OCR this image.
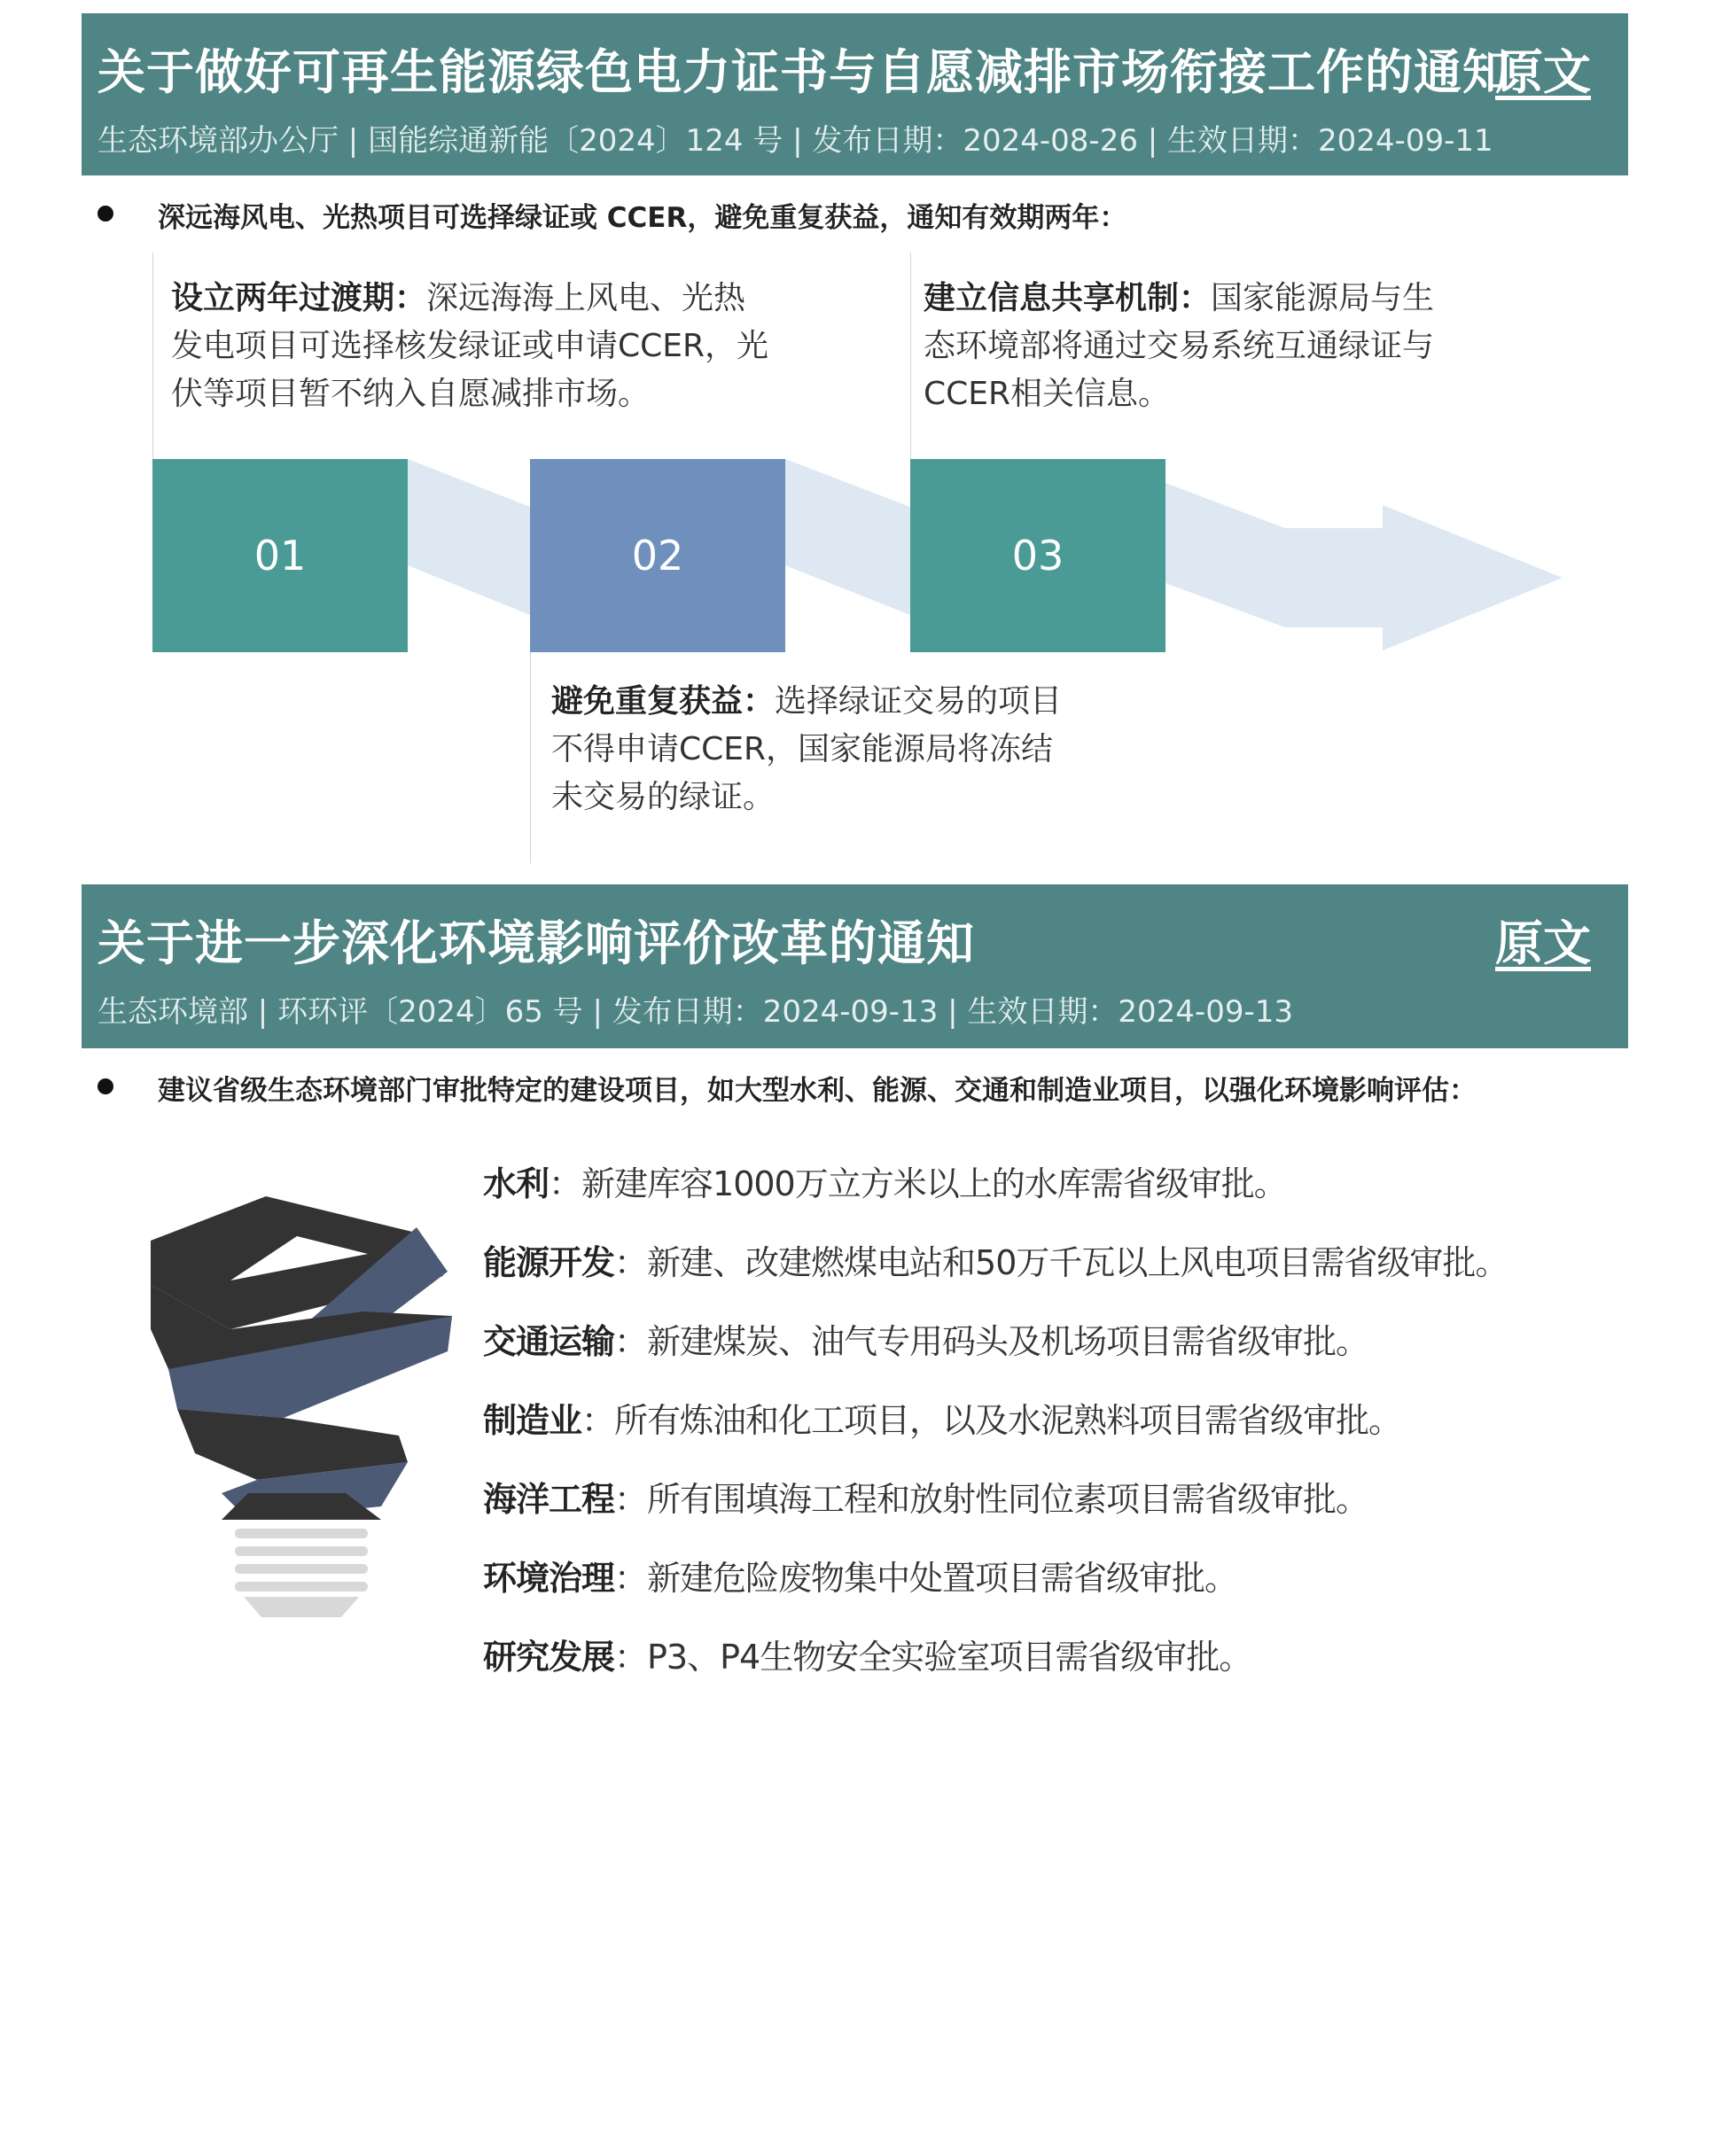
关于做好可再生能源绿色电力证书与自愿减排市场衔接工作的通知
原文
生态环境部办公厅 | 国能综通新能〔2024〕124 号 | 发布日期：2024-08-26 | 生效日期：2024-09-11
深远海风电、光热项目可选择绿证或 CCER，避免重复获益，通知有效期两年：
设立两年过渡期：深远海海上风电、光热发电项目可选择核发绿证或申请CCER，光伏等项目暂不纳入自愿减排市场。
避免重复获益：选择绿证交易的项目不得申请CCER，国家能源局将冻结未交易的绿证。
建立信息共享机制：国家能源局与生态环境部将通过交易系统互通绿证与CCER相关信息。
01	02	03
关于进一步深化环境影响评价改革的通知	原文
生态环境部 | 环环评〔2024〕65 号 | 发布日期：2024-09-13 | 生效日期：2024-09-13
建议省级生态环境部门审批特定的建设项目，如大型水利、能源、交通和制造业项目，以强化环境影响评估：
水利：新建库容1000万立方米以上的水库需省级审批。
能源开发：新建、改建燃煤电站和50万千瓦以上风电项目需省级审批。
交通运输：新建煤炭、油气专用码头及机场项目需省级审批。
制造业：所有炼油和化工项目，以及水泥熟料项目需省级审批。
海洋工程：所有围填海工程和放射性同位素项目需省级审批。
环境治理：新建危险废物集中处置项目需省级审批。
研究发展：P3、P4生物安全实验室项目需省级审批。
